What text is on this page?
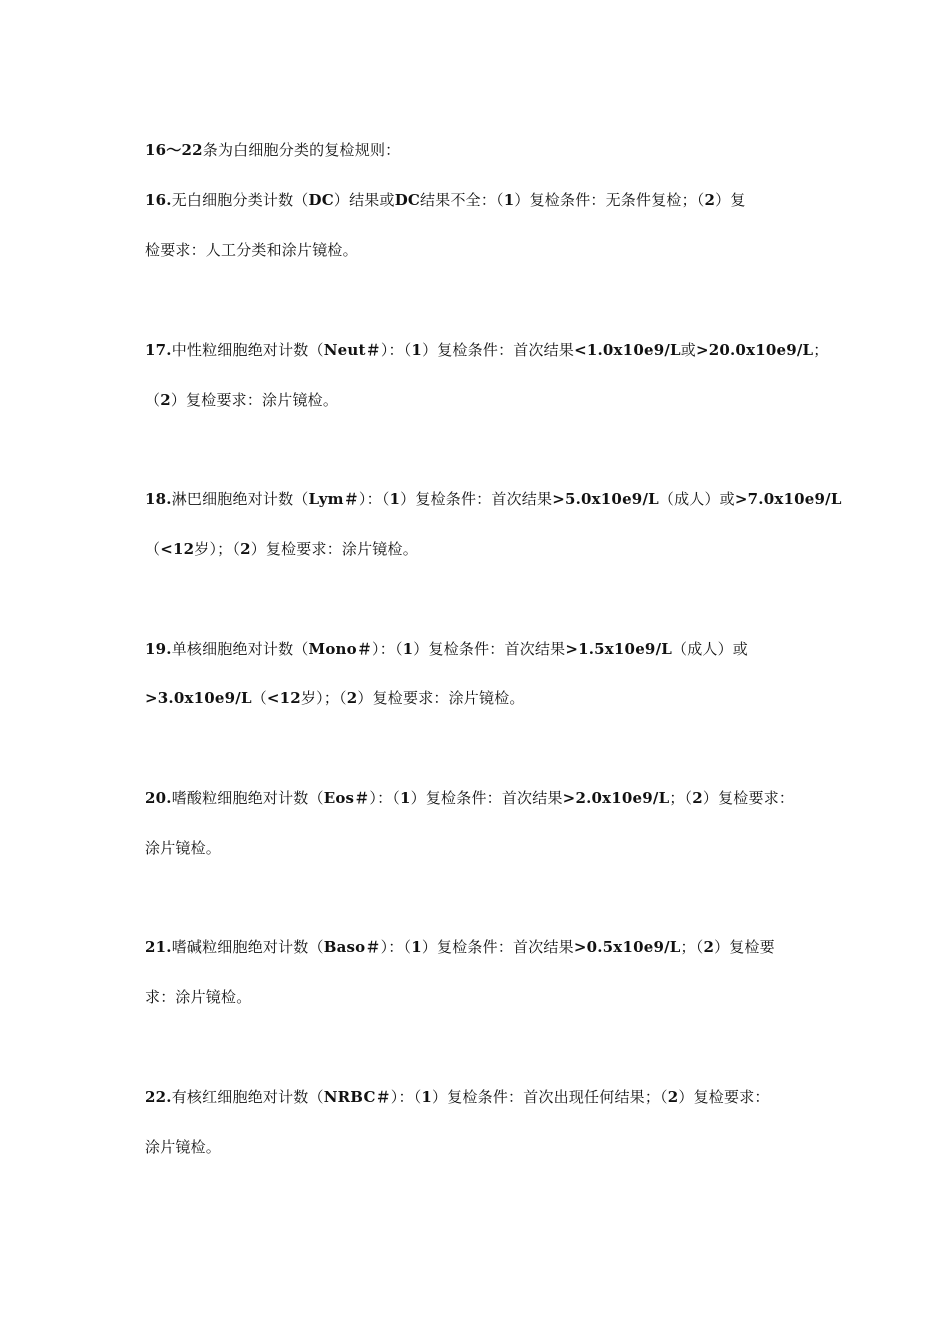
16～22条为白细胞分类的复检规则：
16.无白细胞分类计数（DC）结果或DC结果不全：（1）复检条件：无条件复检；（2）复
检要求：人工分类和涂片镜检。
17.中性粒细胞绝对计数（Neut＃）：（1）复检条件：首次结果<1.0x10e9/L或>20.0x10e9/L；
（2）复检要求：涂片镜检。
18.淋巴细胞绝对计数（Lym＃）：（1）复检条件：首次结果>5.0x10e9/L（成人）或>7.0x10e9/L
（<12岁）；（2）复检要求：涂片镜检。
19.单核细胞绝对计数（Mono＃）：（1）复检条件：首次结果>1.5x10e9/L（成人）或
>3.0x10e9/L（<12岁）；（2）复检要求：涂片镜检。
20.嗜酸粒细胞绝对计数（Eos＃）：（1）复检条件：首次结果>2.0x10e9/L；（2）复检要求：
涂片镜检。
21.嗜碱粒细胞绝对计数（Baso＃）：（1）复检条件：首次结果>0.5x10e9/L；（2）复检要
求：涂片镜检。
22.有核红细胞绝对计数（NRBC＃）：（1）复检条件：首次出现任何结果；（2）复检要求：
涂片镜检。
